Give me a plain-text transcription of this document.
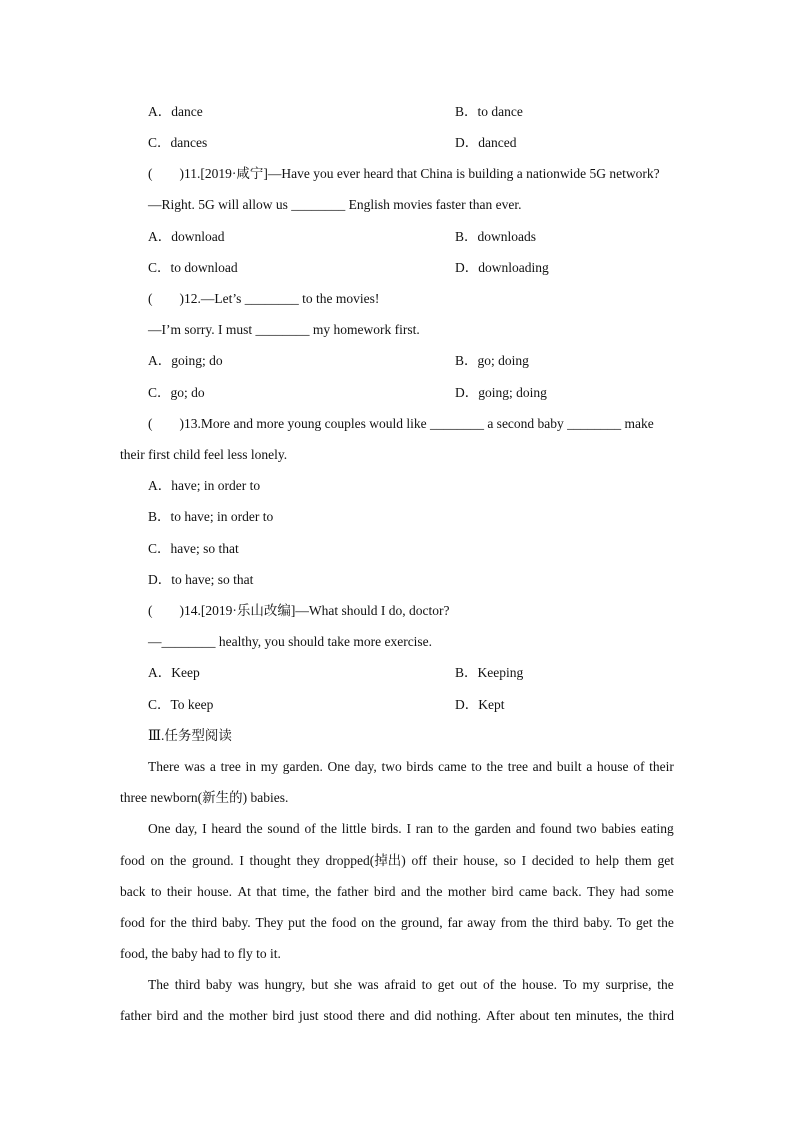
A．dance	B．to dance
C．dances	D．danced
(　　)11.[2019·咸宁]—Have you ever heard that China is building a nationwide 5G network?
—Right. 5G will allow us ________ English movies faster than ever.
A．download	B．downloads
C．to download	D．downloading
(　　)12.—Let’s ________ to the movies!
—I’m sorry. I must ________ my homework first.
A．going; do	B．go; doing
C．go; do	D．going; doing
(　　)13.More and more young couples would like ________ a second baby ________ make
their first child feel less lonely.
A．have; in order to
B．to have; in order to
C．have; so that
D．to have; so that
(　　)14.[2019·乐山改编]—What should I do, doctor?
—________ healthy, you should take more exercise.
A．Keep	B．Keeping
C．To keep	D．Kept
Ⅲ.任务型阅读
There was a tree in my garden. One day, two birds came to the tree and built a house of their
three newborn(新生的) babies.
One day, I heard the sound of the little birds. I ran to the garden and found two babies eating
food on the ground. I thought they dropped(掉出) off their house, so I decided to help them get
back to their house. At that time, the father bird and the mother bird came back. They had some
food for the third baby. They put the food on the ground, far away from the third baby. To get the
food, the baby had to fly to it.
The third baby was hungry, but she was afraid to get out of the house. To my surprise, the
father bird and the mother bird just stood there and did nothing. After about ten minutes, the third
